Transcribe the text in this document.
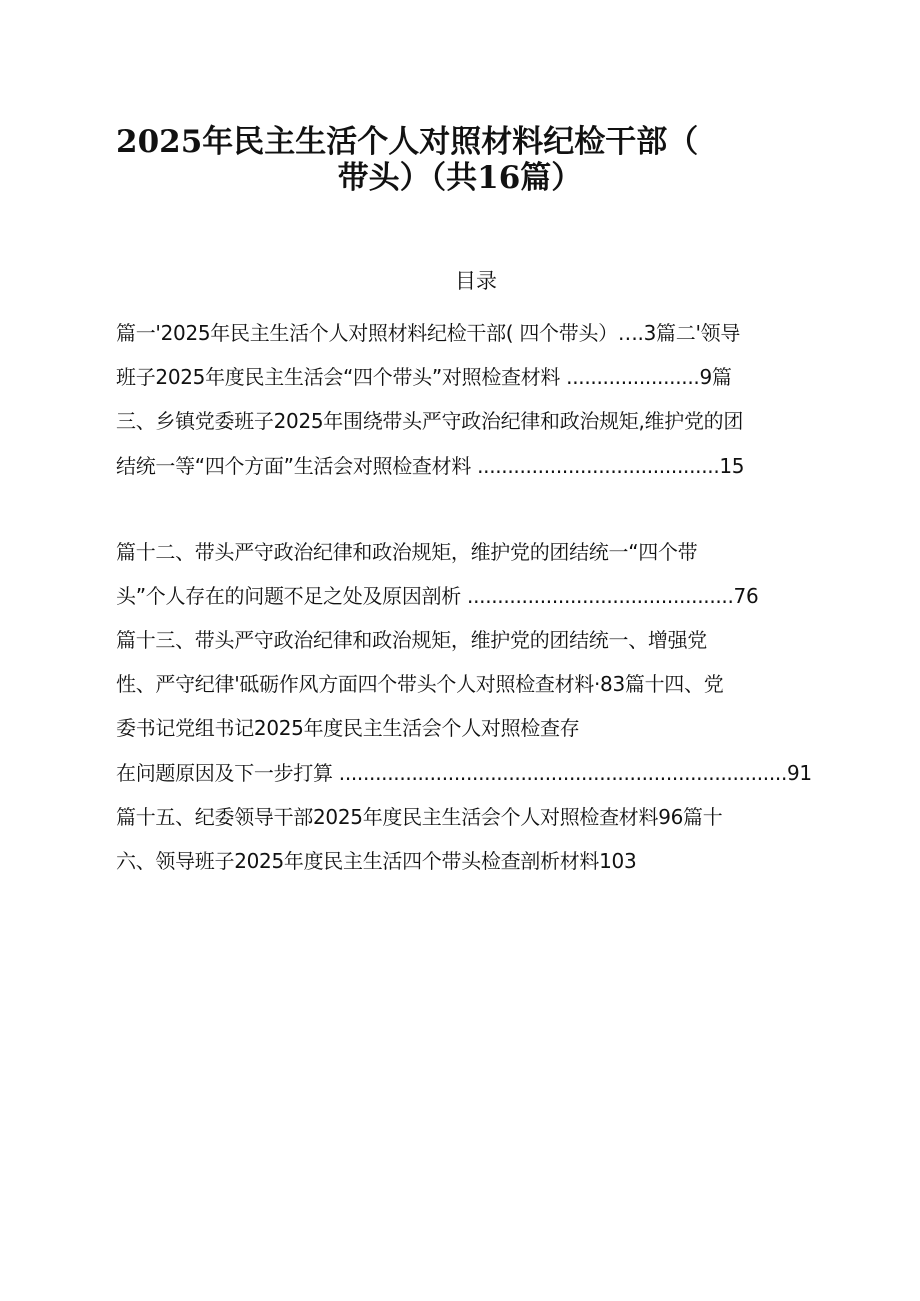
2025年民主生活个人对照材料纪检干部（
带头）（共16篇）
目录
篇一'2025年民主生活个人对照材料纪检干部( 四个带头）….3篇二'领导
班子2025年度民主生活会“四个带头”对照检查材料 ......................9篇
三、乡镇党委班子2025年围绕带头严守政治纪律和政治规矩,维护党的团
结统一等“四个方面”生活会对照检查材料 ........................................15
篇十二、带头严守政治纪律和政治规矩，维护党的团结统一“四个带
头”个人存在的问题不足之处及原因剖析 ............................................76
篇十三、带头严守政治纪律和政治规矩，维护党的团结统一、增强党
性、严守纪律'砥砺作风方面四个带头个人对照检查材料·83篇十四、党
委书记党组书记2025年度民主生活会个人对照检查存
在问题原因及下一步打算 ..........................................................................91
篇十五、纪委领导干部2025年度民主生活会个人对照检查材料96篇十
六、领导班子2025年度民主生活四个带头检查剖析材料103
